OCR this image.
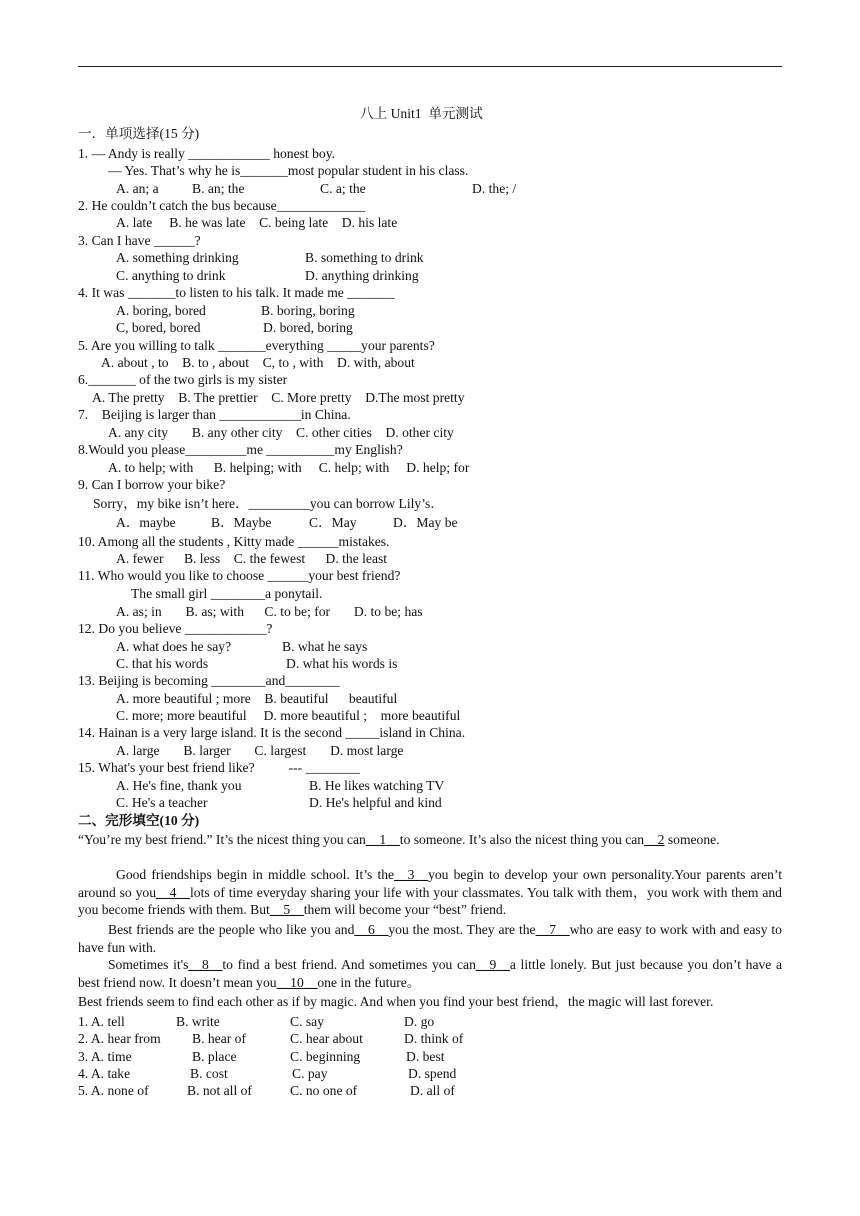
八上 Unit1  单元测试
一．单项选择(15 分)
1. — Andy is really ____________ honest boy.
— Yes. That’s why he is_______most popular student in his class.
A. an; a B. an; the	C. a; the	D. the; /
2. He couldn’t catch the bus because_____________
A. late     B. he was late    C. being late    D. his late
3. Can I have ______?
A. something drinking	B. something to drink
C. anything to drink	D. anything drinking
4. It was _______to listen to his talk. It made me _______
A. boring, bored	B. boring, boring
C, bored, bored	D. bored, boring
5. Are you willing to talk _______everything _____your parents?
A. about , to    B. to , about    C, to , with    D. with, about
6._______ of the two girls is my sister
A. The pretty    B. The prettier    C. More pretty    D.The most pretty
7.    Beijing is larger than ____________in China.
A. any city       B. any other city    C. other cities    D. other city
8.Would you please_________me __________my English?
A. to help; with      B. helping; with     C. help; with     D. help; for
9. Can I borrow your bike?
Sorry，my bike isn’t here．_________you can borrow Lily’s．
A．maybe	B．Maybe	C．May	D．May be
10. Among all the students , Kitty made ______mistakes.
A. fewer      B. less    C. the fewest      D. the least
11. Who would you like to choose ______your best friend?
The small girl ________a ponytail.
A. as; in       B. as; with      C. to be; for       D. to be; has
12. Do you believe ____________?
A. what does he say?	B. what he says
C. that his words	D. what his words is
13. Beijing is becoming ________and________
A. more beautiful ; more    B. beautiful      beautiful
C. more; more beautiful     D. more beautiful ;    more beautiful
14. Hainan is a very large island. It is the second _____island in China.
A. large       B. larger       C. largest       D. most large
15. What's your best friend like?          --- ________
A. He's fine, thank you	B. He likes watching TV
C. He's a teacher	D. He's helpful and kind
二、完形填空(10 分)
“You’re my best friend.” It’s the nicest thing you can__1__to someone. It’s also the nicest thing you can__2 someone.
Good friendships begin in middle school. It’s the__3__you begin to develop your own personality.Your parents aren’t around so you__4__lots of time everyday sharing your life with your classmates. You talk with them，you work with them and you become friends with them. But__5__them will become your “best” friend.
Best friends are the people who like you and__6__you the most. They are the__7__who are easy to work with and easy to have fun with.
Sometimes it's__8__to find a best friend. And sometimes you can__9__a little lonely. But just because you don’t have a best friend now. It doesn’t mean you__10__one in the future。
Best friends seem to find each other as if by magic. And when you find your best friend，the magic will last forever.
1. A. tell	B. write	C. say	D. go
2. A. hear from B. hear of	C. hear about	D. think of
3. A. time	B. place	C. beginning	D. best
4. A. take	B. cost	C. pay	D. spend
5. A. none of	B. not all of	C. no one of	D. all of
